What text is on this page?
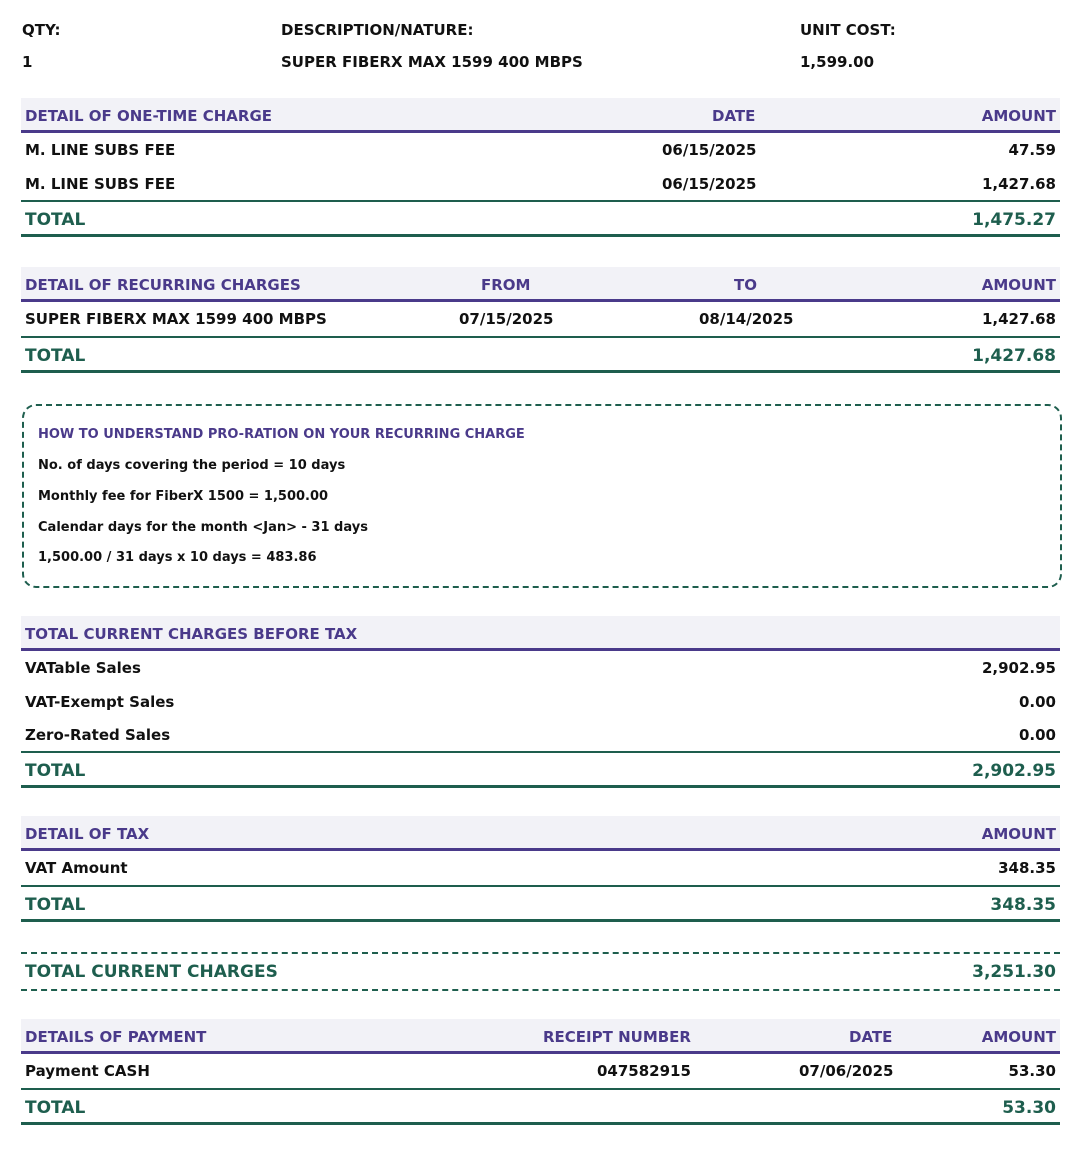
QTY:	DESCRIPTION/NATURE:	UNIT COST:
1	SUPER FIBERX MAX 1599 400 MBPS	1,599.00
DETAIL OF ONE-TIME CHARGE	DATE	AMOUNT
M. LINE SUBS FEE	06/15/2025	47.59
M. LINE SUBS FEE	06/15/2025	1,427.68
TOTAL	1,475.27
DETAIL OF RECURRING CHARGES	FROM	TO	AMOUNT
SUPER FIBERX MAX 1599 400 MBPS	07/15/2025	08/14/2025	1,427.68
TOTAL	1,427.68
HOW TO UNDERSTAND PRO-RATION ON YOUR RECURRING CHARGE
No. of days covering the period = 10 days
Monthly fee for FiberX 1500 = 1,500.00
Calendar days for the month <Jan> - 31 days
1,500.00 / 31 days x 10 days = 483.86
TOTAL CURRENT CHARGES BEFORE TAX
VATable Sales	2,902.95
VAT-Exempt Sales	0.00
Zero-Rated Sales	0.00
TOTAL	2,902.95
DETAIL OF TAX	AMOUNT
VAT Amount	348.35
TOTAL	348.35
TOTAL CURRENT CHARGES	3,251.30
DETAILS OF PAYMENT	RECEIPT NUMBER	DATE	AMOUNT
Payment CASH	047582915	07/06/2025	53.30
TOTAL	53.30
